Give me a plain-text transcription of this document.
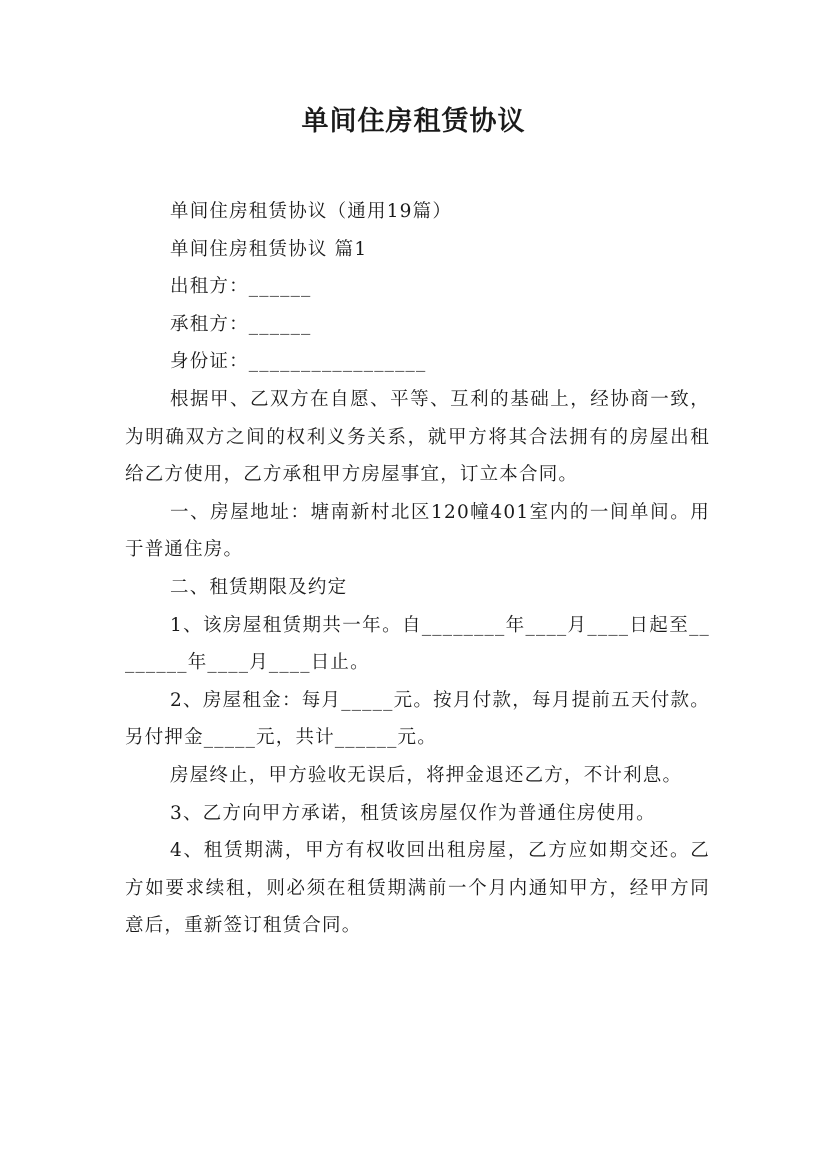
单间住房租赁协议

单间住房租赁协议（通用19篇）

单间住房租赁协议 篇1

出租方：______

承租方：______

身份证：_________________

根据甲、乙双方在自愿、平等、互利的基础上，经协商一致，为明确双方之间的权利义务关系，就甲方将其合法拥有的房屋出租给乙方使用，乙方承租甲方房屋事宜，订立本合同。

一、房屋地址：塘南新村北区120幢401室内的一间单间。用于普通住房。

二、租赁期限及约定

1、该房屋租赁期共一年。自________年____月____日起至________年____月____日止。

2、房屋租金：每月_____元。按月付款，每月提前五天付款。另付押金_____元，共计______元。

房屋终止，甲方验收无误后，将押金退还乙方，不计利息。

3、乙方向甲方承诺，租赁该房屋仅作为普通住房使用。

4、租赁期满，甲方有权收回出租房屋，乙方应如期交还。乙方如要求续租，则必须在租赁期满前一个月内通知甲方，经甲方同意后，重新签订租赁合同。
